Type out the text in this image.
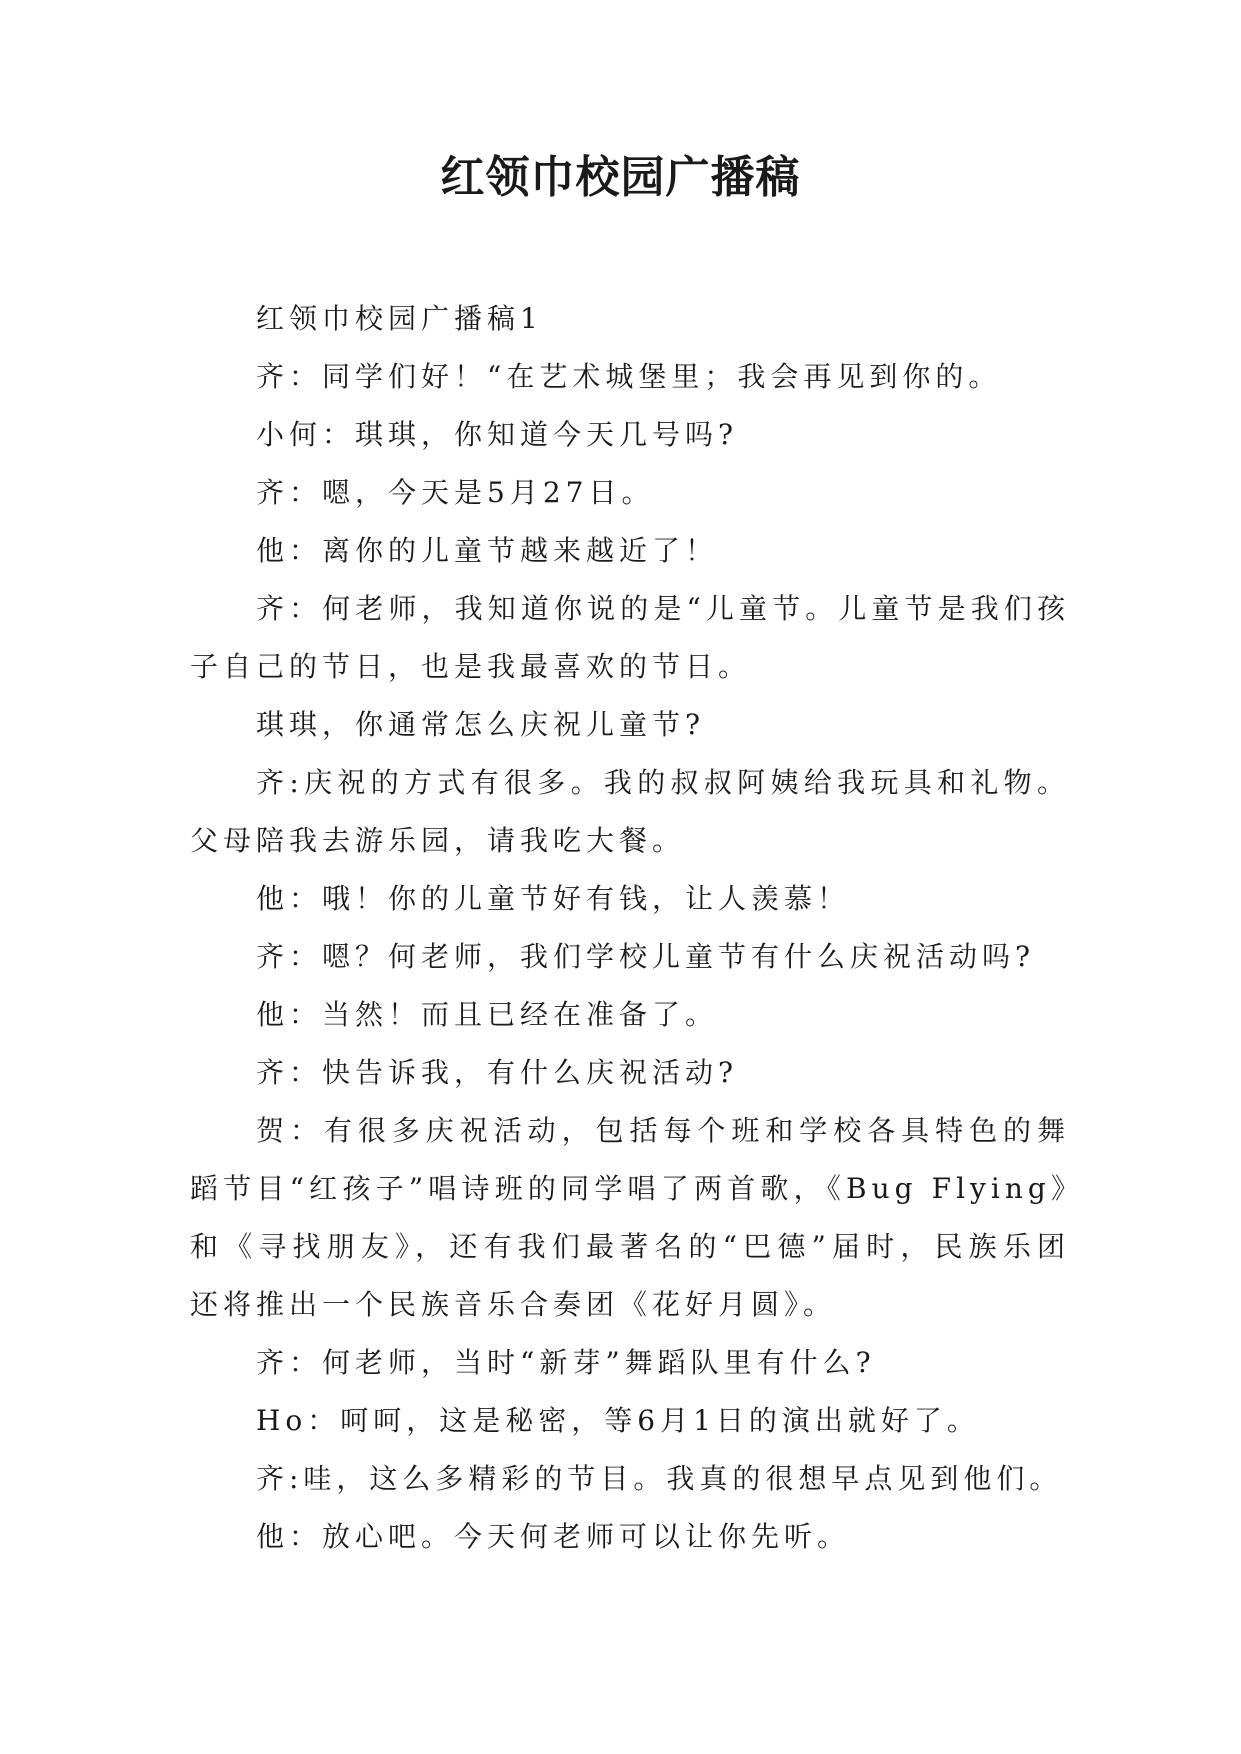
红领巾校园广播稿

红领巾校园广播稿1

齐：同学们好！“在艺术城堡里；我会再见到你的。

小何：琪琪，你知道今天几号吗?

齐：嗯，今天是5月27日。

他：离你的儿童节越来越近了！

齐：何老师，我知道你说的是“儿童节。儿童节是我们孩子自己的节日，也是我最喜欢的节日。

琪琪，你通常怎么庆祝儿童节?

齐:庆祝的方式有很多。我的叔叔阿姨给我玩具和礼物。父母陪我去游乐园，请我吃大餐。

他：哦！你的儿童节好有钱，让人羡慕！

齐：嗯？何老师，我们学校儿童节有什么庆祝活动吗?

他：当然！而且已经在准备了。

齐：快告诉我，有什么庆祝活动?

贺：有很多庆祝活动，包括每个班和学校各具特色的舞蹈节目“红孩子”唱诗班的同学唱了两首歌，《Bug Flying》和《寻找朋友》，还有我们最著名的“巴德”届时，民族乐团还将推出一个民族音乐合奏团《花好月圆》。

齐：何老师，当时“新芽”舞蹈队里有什么?

Ho：呵呵，这是秘密，等6月1日的演出就好了。

齐:哇，这么多精彩的节目。我真的很想早点见到他们。

他：放心吧。今天何老师可以让你先听。
